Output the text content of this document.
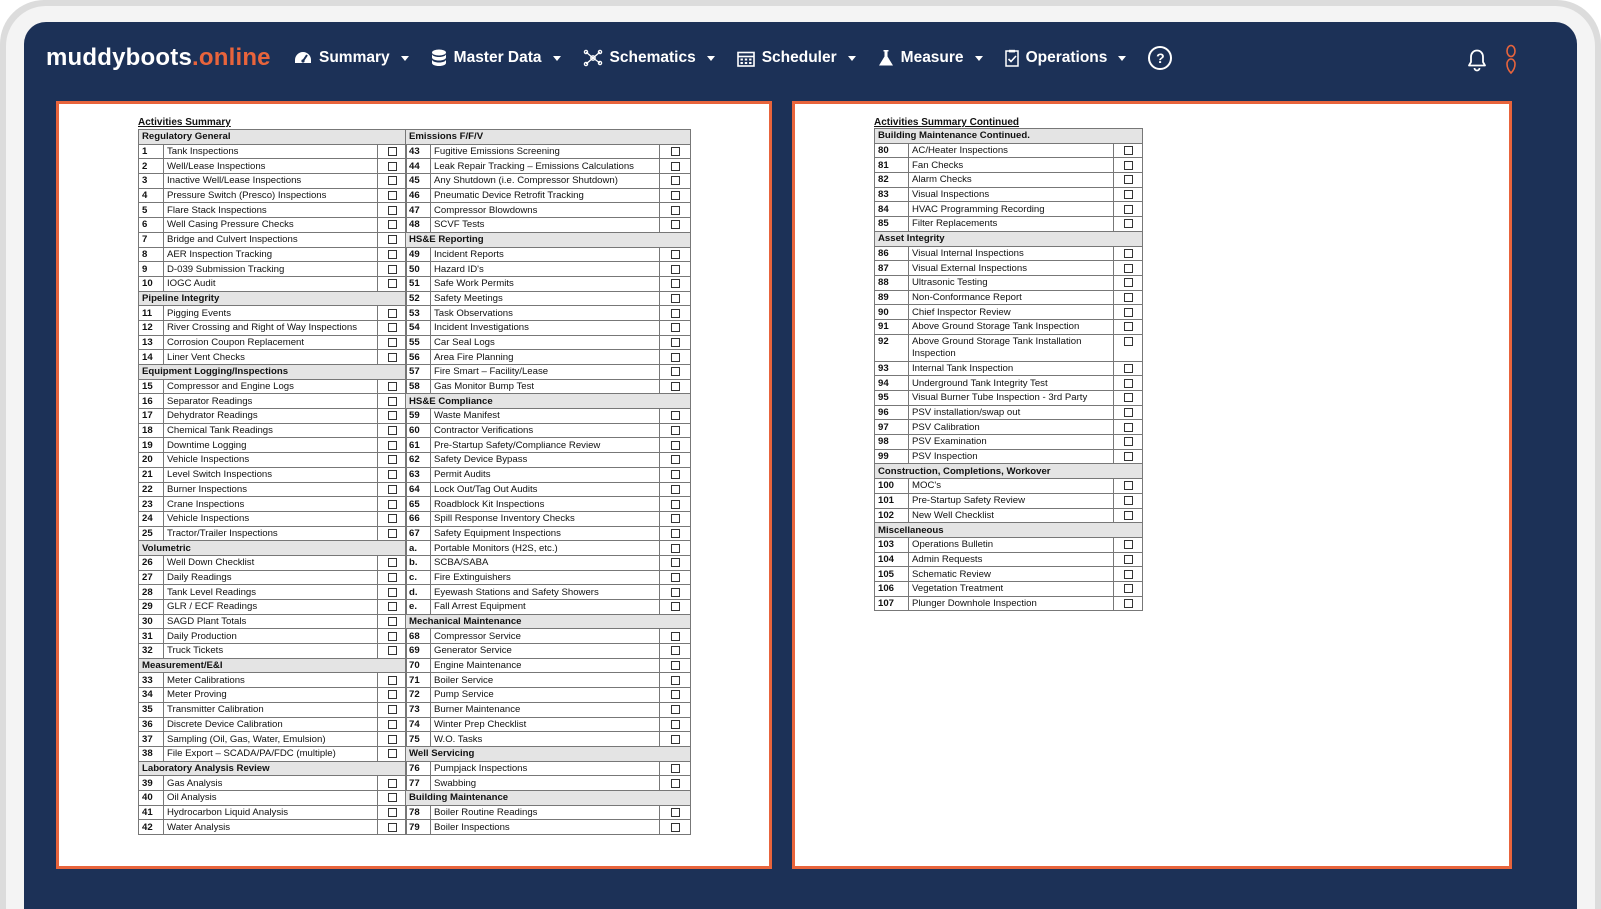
muddyboots.online	Summary	Master Data	Schematics	Scheduler	Measure	Operations	?
Activities Summary
Regulatory General		
1	Tank Inspections	
2	Well/Lease Inspections	
3	Inactive Well/Lease Inspections	
4	Pressure Switch (Presco) Inspections	
5	Flare Stack Inspections	
6	Well Casing Pressure Checks	
7	Bridge and Culvert Inspections	
8	AER Inspection Tracking	
9	D-039 Submission Tracking	
10	IOGC Audit	
Pipeline Integrity		
11	Pigging Events	
12	River Crossing and Right of Way Inspections	
13	Corrosion Coupon Replacement	
14	Liner Vent Checks	
Equipment Logging/Inspections		
15	Compressor and Engine Logs	
16	Separator Readings	
17	Dehydrator Readings	
18	Chemical Tank Readings	
19	Downtime Logging	
20	Vehicle Inspections	
21	Level Switch Inspections	
22	Burner Inspections	
23	Crane Inspections	
24	Vehicle Inspections	
25	Tractor/Trailer Inspections	
Volumetric		
26	Well Down Checklist	
27	Daily Readings	
28	Tank Level Readings	
29	GLR / ECF Readings	
30	SAGD Plant Totals	
31	Daily Production	
32	Truck Tickets	
Measurement/E&I		
33	Meter Calibrations	
34	Meter Proving	
35	Transmitter Calibration	
36	Discrete Device Calibration	
37	Sampling (Oil, Gas, Water, Emulsion)	
38	File Export – SCADA/PA/FDC (multiple)	
Laboratory Analysis Review		
39	Gas Analysis	
40	Oil Analysis	
41	Hydrocarbon Liquid Analysis	
42	Water Analysis	
Emissions F/F/V		
43	Fugitive Emissions Screening	
44	Leak Repair Tracking – Emissions Calculations	
45	Any Shutdown (i.e. Compressor Shutdown)	
46	Pneumatic Device Retrofit Tracking	
47	Compressor Blowdowns	
48	SCVF Tests	
HS&E Reporting		
49	Incident Reports	
50	Hazard ID's	
51	Safe Work Permits	
52	Safety Meetings	
53	Task Observations	
54	Incident Investigations	
55	Car Seal Logs	
56	Area Fire Planning	
57	Fire Smart – Facility/Lease	
58	Gas Monitor Bump Test	
HS&E Compliance		
59	Waste Manifest	
60	Contractor Verifications	
61	Pre-Startup Safety/Compliance Review	
62	Safety Device Bypass	
63	Permit Audits	
64	Lock Out/Tag Out Audits	
65	Roadblock Kit Inspections	
66	Spill Response Inventory Checks	
67	Safety Equipment Inspections	
a.	Portable Monitors (H2S, etc.)	
b.	SCBA/SABA	
c.	Fire Extinguishers	
d.	Eyewash Stations and Safety Showers	
e.	Fall Arrest Equipment	
Mechanical Maintenance		
68	Compressor Service	
69	Generator Service	
70	Engine Maintenance	
71	Boiler Service	
72	Pump Service	
73	Burner Maintenance	
74	Winter Prep Checklist	
75	W.O. Tasks	
Well Servicing		
76	Pumpjack Inspections	
77	Swabbing	
Building Maintenance		
78	Boiler Routine Readings	
79	Boiler Inspections	
Activities Summary Continued
Building Maintenance Continued.		
80	AC/Heater Inspections	
81	Fan Checks	
82	Alarm Checks	
83	Visual Inspections	
84	HVAC Programming Recording	
85	Filter Replacements	
Asset Integrity		
86	Visual Internal Inspections	
87	Visual External Inspections	
88	Ultrasonic Testing	
89	Non-Conformance Report	
90	Chief Inspector Review	
91	Above Ground Storage Tank Inspection	
92	Above Ground Storage Tank Installation Inspection	
93	Internal Tank Inspection	
94	Underground Tank Integrity Test	
95	Visual Burner Tube Inspection - 3rd Party	
96	PSV installation/swap out	
97	PSV Calibration	
98	PSV Examination	
99	PSV Inspection	
Construction, Completions, Workover		
100	MOC's	
101	Pre-Startup Safety Review	
102	New Well Checklist	
Miscellaneous		
103	Operations Bulletin	
104	Admin Requests	
105	Schematic Review	
106	Vegetation Treatment	
107	Plunger Downhole Inspection	
